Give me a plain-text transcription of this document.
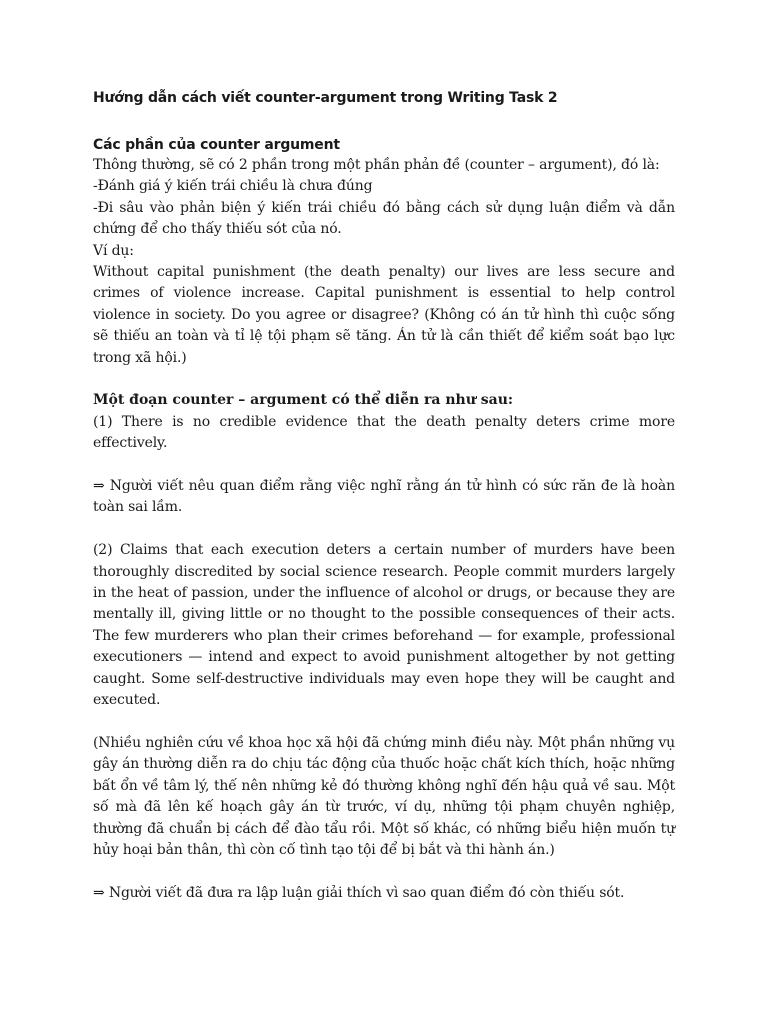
Hướng dẫn cách viết counter-argument trong Writing Task 2

Các phần của counter argument

Thông thường, sẽ có 2 phần trong một phần phản đề (counter – argument), đó là:

-Đánh giá ý kiến trái chiều là chưa đúng

-Đi sâu vào phản biện ý kiến trái chiều đó bằng cách sử dụng luận điểm và dẫn chứng để cho thấy thiếu sót của nó.

Ví dụ:

Without capital punishment (the death penalty) our lives are less secure and crimes of violence increase. Capital punishment is essential to help control violence in society. Do you agree or disagree? (Không có án tử hình thì cuộc sống sẽ thiếu an toàn và tỉ lệ tội phạm sẽ tăng. Án tử là cần thiết để kiểm soát bạo lực trong xã hội.)

Một đoạn counter – argument có thể diễn ra như sau:

(1) There is no credible evidence that the death penalty deters crime more effectively.

⇒ Người viết nêu quan điểm rằng việc nghĩ rằng án tử hình có sức răn đe là hoàn toàn sai lầm.

(2) Claims that each execution deters a certain number of murders have been thoroughly discredited by social science research. People commit murders largely in the heat of passion, under the influence of alcohol or drugs, or because they are mentally ill, giving little or no thought to the possible consequences of their acts. The few murderers who plan their crimes beforehand — for example, professional executioners — intend and expect to avoid punishment altogether by not getting caught. Some self-destructive individuals may even hope they will be caught and executed.

(Nhiều nghiên cứu về khoa học xã hội đã chứng minh điều này. Một phần những vụ gây án thường diễn ra do chịu tác động của thuốc hoặc chất kích thích, hoặc những bất ổn về tâm lý, thế nên những kẻ đó thường không nghĩ đến hậu quả về sau. Một số mà đã lên kế hoạch gây án từ trước, ví dụ, những tội phạm chuyên nghiệp, thường đã chuẩn bị cách để đào tẩu rồi. Một số khác, có những biểu hiện muốn tự hủy hoại bản thân, thì còn cố tình tạo tội để bị bắt và thi hành án.)

⇒ Người viết đã đưa ra lập luận giải thích vì sao quan điểm đó còn thiếu sót.
